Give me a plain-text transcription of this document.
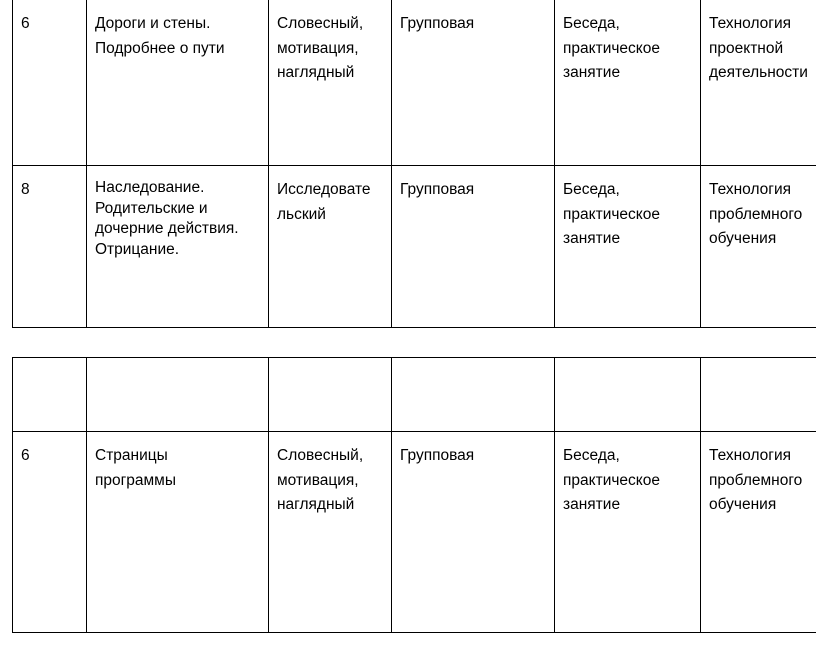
6	Дороги и стены.
Подробнее о пути	Словесный,
мотивация,
наглядный	Групповая	Беседа,
практическое
занятие	Технология
проектной
деятельности

8	Наследование.
Родительские и
дочерние действия.
Отрицание.	Исследовате
льский	Групповая	Беседа,
практическое
занятие	Технология
проблемного
обучения

6	Страницы
программы	Словесный,
мотивация,
наглядный	Групповая	Беседа,
практическое
занятие	Технология
проблемного
обучения
